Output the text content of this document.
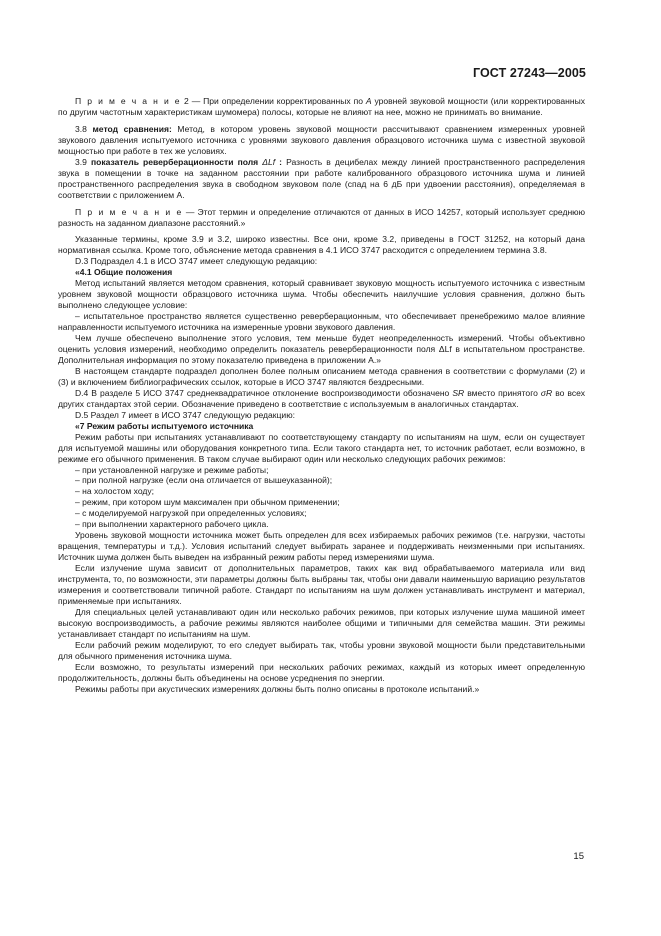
ГОСТ 27243—2005

П р и м е ч а н и е 2 — При определении корректированных по A уровней звуковой мощности (или корректированных по другим частотным характеристикам шумомера) полосы, которые не влияют на нее, можно не принимать во внимание.

3.8 метод сравнения: Метод, в котором уровень звуковой мощности рассчитывают сравнением измеренных уровней звукового давления испытуемого источника с уровнями звукового давления образцового источника шума с известной звуковой мощностью при работе в тех же условиях.

3.9 показатель реверберационности поля ΔLf : Разность в децибелах между линией пространственного распределения звука в помещении в точке на заданном расстоянии при работе калиброванного образцового источника шума и линией пространственного распределения звука в свободном звуковом поле (спад на 6 дБ при удвоении расстояния), определяемая в соответствии с приложением А.

П р и м е ч а н и е — Этот термин и определение отличаются от данных в ИСО 14257, который использует среднюю разность на заданном диапазоне расстояний.»

Указанные термины, кроме 3.9 и 3.2, широко известны. Все они, кроме 3.2, приведены в ГОСТ 31252, на который дана нормативная ссылка. Кроме того, объяснение метода сравнения в 4.1 ИСО 3747 расходится с определением термина 3.8.

D.3 Подраздел 4.1 в ИСО 3747 имеет следующую редакцию:

«4.1 Общие положения

Метод испытаний является методом сравнения, который сравнивает звуковую мощность испытуемого источника с известным уровнем звуковой мощности образцового источника шума. Чтобы обеспечить наилучшие условия сравнения, должно быть выполнено следующее условие:

– испытательное пространство является существенно реверберационным, что обеспечивает пренебрежимо малое влияние направленности испытуемого источника на измеренные уровни звукового давления.

Чем лучше обеспечено выполнение этого условия, тем меньше будет неопределенность измерений. Чтобы объективно оценить условия измерений, необходимо определить показатель реверберационности поля ΔLf в испытательном пространстве. Дополнительная информация по этому показателю приведена в приложении А.»

В настоящем стандарте подраздел дополнен более полным описанием метода сравнения в соответствии с формулами (2) и (3) и включением библиографических ссылок, которые в ИСО 3747 являются бездресными.

D.4 В разделе 5 ИСО 3747 среднеквадратичное отклонение воспроизводимости обозначено SR вместо принятого σR во всех других стандартах этой серии. Обозначение приведено в соответствие с используемым в аналогичных стандартах.

D.5 Раздел 7 имеет в ИСО 3747 следующую редакцию:

«7 Режим работы испытуемого источника

Режим работы при испытаниях устанавливают по соответствующему стандарту по испытаниям на шум, если он существует для испытуемой машины или оборудования конкретного типа. Если такого стандарта нет, то источник работает, если возможно, в режиме его обычного применения. В таком случае выбирают один или несколько следующих рабочих режимов:

– при установленной нагрузке и режиме работы;

– при полной нагрузке (если она отличается от вышеуказанной);

– на холостом ходу;

– режим, при котором шум максимален при обычном применении;

– с моделируемой нагрузкой при определенных условиях;

– при выполнении характерного рабочего цикла.

Уровень звуковой мощности источника может быть определен для всех избираемых рабочих режимов (т.е. нагрузки, частоты вращения, температуры и т.д.). Условия испытаний следует выбирать заранее и поддерживать неизменными при испытаниях. Источник шума должен быть выведен на избранный режим работы перед измерениями шума.

Если излучение шума зависит от дополнительных параметров, таких как вид обрабатываемого материала или вид инструмента, то, по возможности, эти параметры должны быть выбраны так, чтобы они давали наименьшую вариацию результатов измерения и соответствовали типичной работе. Стандарт по испытаниям на шум должен устанавливать инструмент и материал, применяемые при испытаниях.

Для специальных целей устанавливают один или несколько рабочих режимов, при которых излучение шума машиной имеет высокую воспроизводимость, а рабочие режимы являются наиболее общими и типичными для семейства машин. Эти режимы устанавливает стандарт по испытаниям на шум.

Если рабочий режим моделируют, то его следует выбирать так, чтобы уровни звуковой мощности были представительными для обычного применения источника шума.

Если возможно, то результаты измерений при нескольких рабочих режимах, каждый из которых имеет определенную продолжительность, должны быть объединены на основе усреднения по энергии.

Режимы работы при акустических измерениях должны быть полно описаны в протоколе испытаний.»

15
